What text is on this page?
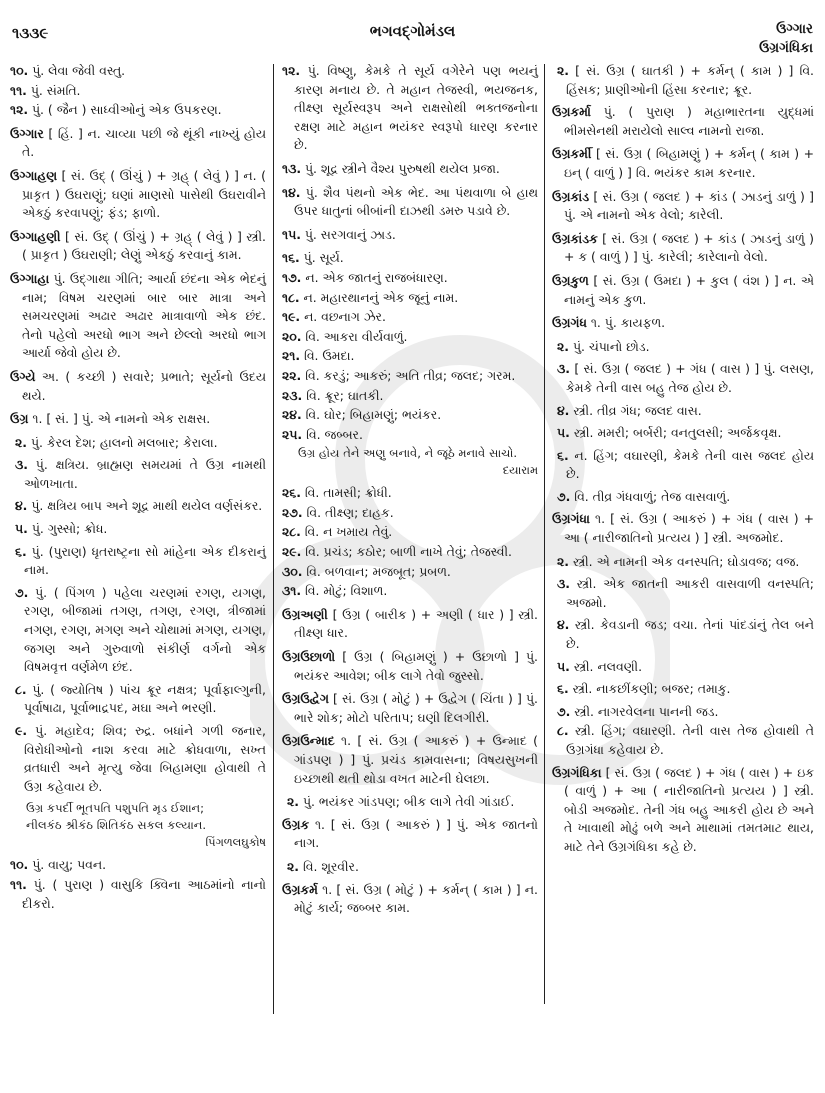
૧૩૩૯	ભગવદ્ગોમંડલ	ઉગ્ગાર
ઉગ્રગંધિકા
૧૦. પું. લેવા જેવી વસ્તુ.
૧૧. પું. સંમતિ.
૧૨. પું. ( જૈન ) સાધ્વીઓનું એક ઉપકરણ.
ઉગ્ગાર [ હિં. ] ન. ચાવ્યા પછી જે થૂંકી નાખ્યું હોય તે.
ઉગ્ગાહણ [ સં. ઉદ્ ( ઊંચું ) + ગ્રહ્ ( લેવું ) ] ન. ( પ્રાકૃત ) ઉઘરાણું; ઘણાં માણસો પાસેથી ઉઘરાવીને એકઠું કરવાપણું; ફંડ; ફાળો.
ઉગ્ગાહણી [ સં. ઉદ્ ( ઊંચું ) + ગ્રહ્ ( લેવું ) ] સ્ત્રી. ( પ્રાકૃત ) ઉઘરાણી; લેણું એકઠું કરવાનું કામ.
ઉગ્ગાહા પું. ઉદ્ગાથા ગીતિ; આર્યા છંદના એક ભેદનું નામ; વિષમ ચરણમાં બાર બાર માત્રા અને સમચરણમાં અઢાર અઢાર માત્રાવાળો એક છંદ. તેનો પહેલો અરધો ભાગ અને છેલ્લો અરધો ભાગ આર્યા જેવો હોય છે.
ઉગ્યે અ. ( કચ્છી ) સવારે; પ્રભાતે; સૂર્યનો ઉદય થયે.
ઉગ્ર ૧. [ સં. ] પું. એ નામનો એક રાક્ષસ.
૨. પું. કેરલ દેશ; હાલનો મલબાર; કેરાલા.
૩. પું. ક્ષત્રિય. બ્રાહ્મણ સમયમાં તે ઉગ્ર નામથી ઓળખાતા.
૪. પું. ક્ષત્રિય બાપ અને શૂદ્ર માથી થયેલ વર્ણસંકર.
૫. પું. ગુસ્સો; ક્રોધ.
૬. પું. (પુરાણ) ધૃતરાષ્ટ્રના સો માંહેના એક દીકરાનું નામ.
૭. પું. ( પિંગળ ) પહેલા ચરણમાં રગણ, યગણ, રગણ, બીજામાં તગણ, તગણ, રગણ, ત્રીજામાં નગણ, રગણ, મગણ અને ચોથામાં મગણ, યગણ, જગણ અને ગુરુવાળો સંકીર્ણ વર્ગનો એક વિષમવૃત્ત વર્ણમેળ છંદ.
૮. પું. ( જ્યોતિષ ) પાંચ ક્રૂર નક્ષત્ર; પૂર્વાફાલ્ગુની, પૂર્વાષાઢા, પૂર્વાભાદ્રપદ, મઘા અને ભરણી.
૯. પું. મહાદેવ; શિવ; રુદ્ર. બધાંને ગળી જનાર, વિરોધીઓનો નાશ કરવા માટે ક્રોધવાળા, સખ્ત વ્રતધારી અને મૃત્યુ જેવા બિહામણા હોવાથી તે ઉગ્ર કહેવાય છે.
ઉગ્ર કપર્દી ભૂતપતિ પશુપતિ મૃડ ઈશાન;
નીલકંઠ શ્રીકંઠ શિતિકંઠ સકલ કલ્યાન.
પિંગળલઘુકોષ
૧૦. પું. વાયુ; પવન.
૧૧. પું. ( પુરાણ ) વાસુકિ ક્વિના આઠમાંનો નાનો દીકરો.
૧૨. પું. વિષ્ણુ, કેમકે તે સૂર્ય વગેરેને પણ ભયનું કારણ મનાય છે. તે મહાન તેજસ્વી, ભયજનક, તીક્ષ્ણ સૂર્યસ્વરૂપ અને રાક્ષસોથી ભક્તજનોના રક્ષણ માટે મહાન ભયંકર સ્વરૂપો ધારણ કરનાર છે.
૧૩. પું. શૂદ્ર સ્ત્રીને વૈશ્ય પુરુષથી થયેલ પ્રજા.
૧૪. પું. શૈવ પંથનો એક ભેદ. આ પંથવાળા બે હાથ ઉપર ધાતુનાં બીબાંની દાઝથી ડમરુ પડાવે છે.
૧૫. પું. સરગવાનું ઝાડ.
૧૬. પું. સૂર્ય.
૧૭. ન. એક જાતનું રાજબંધારણ.
૧૮. ન. મહારથાનનું એક જૂનું નામ.
૧૯. ન. વછનાગ ઝેર.
૨૦. વિ. આકરા વીર્યવાળું.
૨૧. વિ. ઉમદા.
૨૨. વિ. કરડું; આકરું; અતિ તીવ્ર; જલદ; ગરમ.
૨૩. વિ. ક્રૂર; ઘાતકી.
૨૪. વિ. ઘોર; બિહામણું; ભયંકર.
૨૫. વિ. જબ્બર.
ઉગ્ર હોય તેને અણુ બનાવે, ને જૂઠે મનાવે સાચો.
દયારામ
૨૬. વિ. તામસી; ક્રોધી.
૨૭. વિ. તીક્ષ્ણ; દાહક.
૨૮. વિ. ન ખમાય તેવું.
૨૯. વિ. પ્રચંડ; કઠોર; બાળી નાખે તેવું; તેજસ્વી.
૩૦. વિ. બળવાન; મજબૂત; પ્રબળ.
૩૧. વિ. મોટું; વિશાળ.
ઉગ્રઅણી [ ઉગ્ર ( બારીક ) + અણી ( ધાર ) ] સ્ત્રી. તીક્ષ્ણ ધાર.
ઉગ્રઉછાળો [ ઉગ્ર ( બિહામણું ) + ઉછાળો ] પું. ભયંકર આવેશ; બીક લાગે તેવો જુસ્સો.
ઉગ્રઉદ્વેગ [ સં. ઉગ્ર ( મોટું ) + ઉદ્વેગ ( ચિંતા ) ] પું. ભારે શોક; મોટો પરિતાપ; ઘણી દિલગીરી.
ઉગ્રઉન્માદ ૧. [ સં. ઉગ્ર ( આકરું ) + ઉન્માદ ( ગાંડપણ ) ] પું. પ્રચંડ કામવાસના; વિષયસુખની ઇચ્છાથી થતી થોડા વખત માટેની ઘેલછા.
૨. પું. ભયંકર ગાંડપણ; બીક લાગે તેવી ગાંડાઈ.
ઉગ્રક ૧. [ સં. ઉગ્ર ( આકરું ) ] પું. એક જાતનો નાગ.
૨. વિ. શૂરવીર.
ઉગ્રકર્મ ૧. [ સં. ઉગ્ર ( મોટું ) + કર્મન્ ( કામ ) ] ન. મોટું કાર્ય; જબ્બર કામ.
૨. [ સં. ઉગ્ર ( ઘાતકી ) + કર્મન્ ( કામ ) ] વિ. હિંસક; પ્રાણીઓની હિંસા કરનાર; ક્રૂર.
ઉગ્રકર્મા પું. ( પુરાણ ) મહાભારતના યુદ્ધમાં ભીમસેનથી મરાયેલો સાલ્વ નામનો રાજા.
ઉગ્રકર્મી [ સં. ઉગ્ર ( બિહામણું ) + કર્મન્ ( કામ ) + ઇન્ ( વાળું ) ] વિ. ભયંકર કામ કરનાર.
ઉગ્રકાંડ [ સં. ઉગ્ર ( જલદ ) + કાંડ ( ઝાડનું ડાળું ) ] પું. એ નામનો એક વેલો; કારેલી.
ઉગ્રકાંડક [ સં. ઉગ્ર ( જલદ ) + કાંડ ( ઝાડનું ડાળું ) + ક ( વાળું ) ] પું. કારેલી; કારેલાનો વેલો.
ઉગ્રકુળ [ સં. ઉગ્ર ( ઉમદા ) + કુલ ( વંશ ) ] ન. એ નામનું એક કુળ.
ઉગ્રગંધ ૧. પું. કાયફળ.
૨. પું. ચંપાનો છોડ.
૩. [ સં. ઉગ્ર ( જલદ ) + ગંધ ( વાસ ) ] પું. લસણ, કેમકે તેની વાસ બહુ તેજ હોય છે.
૪. સ્ત્રી. તીવ્ર ગંધ; જલદ વાસ.
૫. સ્ત્રી. મમરી; બર્બરી; વનતુલસી; અર્જકવૃક્ષ.
૬. ન. હિંગ; વઘારણી, કેમકે તેની વાસ જલદ હોય છે.
૭. વિ. તીવ્ર ગંધવાળું; તેજ વાસવાળું.
ઉગ્રગંધા ૧. [ સં. ઉગ્ર ( આકરું ) + ગંધ ( વાસ ) + આ ( નારીજાતિનો પ્રત્યય ) ] સ્ત્રી. અજમોદ.
૨. સ્ત્રી. એ નામની એક વનસ્પતિ; ઘોડાવજ; વજ.
૩. સ્ત્રી. એક જાતની આકરી વાસવાળી વનસ્પતિ; અજમો.
૪. સ્ત્રી. કેવડાની જડ; વચા. તેનાં પાંદડાંનું તેલ બને છે.
૫. સ્ત્રી. નલવણી.
૬. સ્ત્રી. નાકછીંકણી; બજર; તમાકુ.
૭. સ્ત્રી. નાગરવેલના પાનની જડ.
૮. સ્ત્રી. હિંગ; વઘારણી. તેની વાસ તેજ હોવાથી તે ઉગ્રગંધા કહેવાય છે.
ઉગ્રગંધિકા [ સં. ઉગ્ર ( જલદ ) + ગંધ ( વાસ ) + ઇક ( વાળું ) + આ ( નારીજાતિનો પ્રત્યય ) ] સ્ત્રી. બોડી અજમોદ. તેની ગંધ બહુ આકરી હોય છે અને તે ખાવાથી મોઢું બળે અને માથામાં તમતમાટ થાય, માટે તેને ઉગ્રગંધિકા કહે છે.
